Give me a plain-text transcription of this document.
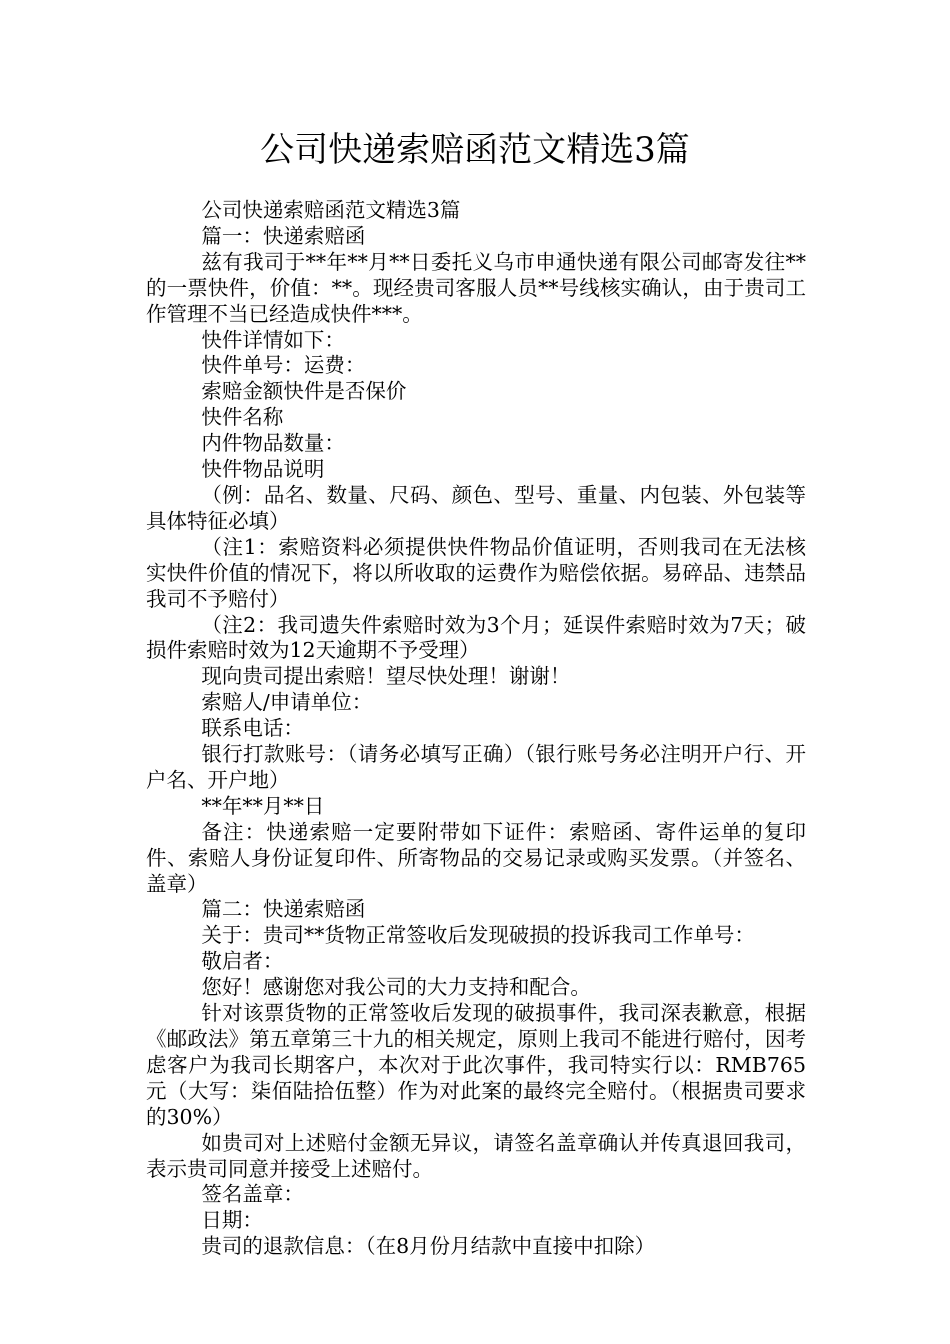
公司快递索赔函范文精选3篇

公司快递索赔函范文精选3篇

篇一：快递索赔函

兹有我司于**年**月**日委托义乌市申通快递有限公司邮寄发往**的一票快件，价值：**。现经贵司客服人员**号线核实确认，由于贵司工作管理不当已经造成快件***。

快件详情如下：

快件单号：运费：

索赔金额快件是否保价

快件名称

内件物品数量：

快件物品说明

（例：品名、数量、尺码、颜色、型号、重量、内包装、外包装等具体特征必填）

（注1：索赔资料必须提供快件物品价值证明，否则我司在无法核实快件价值的情况下，将以所收取的运费作为赔偿依据。易碎品、违禁品我司不予赔付）

（注2：我司遗失件索赔时效为3个月；延误件索赔时效为7天；破损件索赔时效为12天逾期不予受理）

现向贵司提出索赔！望尽快处理！谢谢！

索赔人/申请单位：

联系电话：

银行打款账号：（请务必填写正确）（银行账号务必注明开户行、开户名、开户地）

**年**月**日

备注：快递索赔一定要附带如下证件：索赔函、寄件运单的复印件、索赔人身份证复印件、所寄物品的交易记录或购买发票。（并签名、盖章）

篇二：快递索赔函

关于：贵司**货物正常签收后发现破损的投诉我司工作单号：

敬启者：

您好！感谢您对我公司的大力支持和配合。

针对该票货物的正常签收后发现的破损事件，我司深表歉意，根据《邮政法》第五章第三十九的相关规定，原则上我司不能进行赔付，因考虑客户为我司长期客户，本次对于此次事件，我司特实行以：RMB765元（大写：柒佰陆拾伍整）作为对此案的最终完全赔付。（根据贵司要求的30%）

如贵司对上述赔付金额无异议，请签名盖章确认并传真退回我司，表示贵司同意并接受上述赔付。

签名盖章：

日期：

贵司的退款信息：（在8月份月结款中直接中扣除）
